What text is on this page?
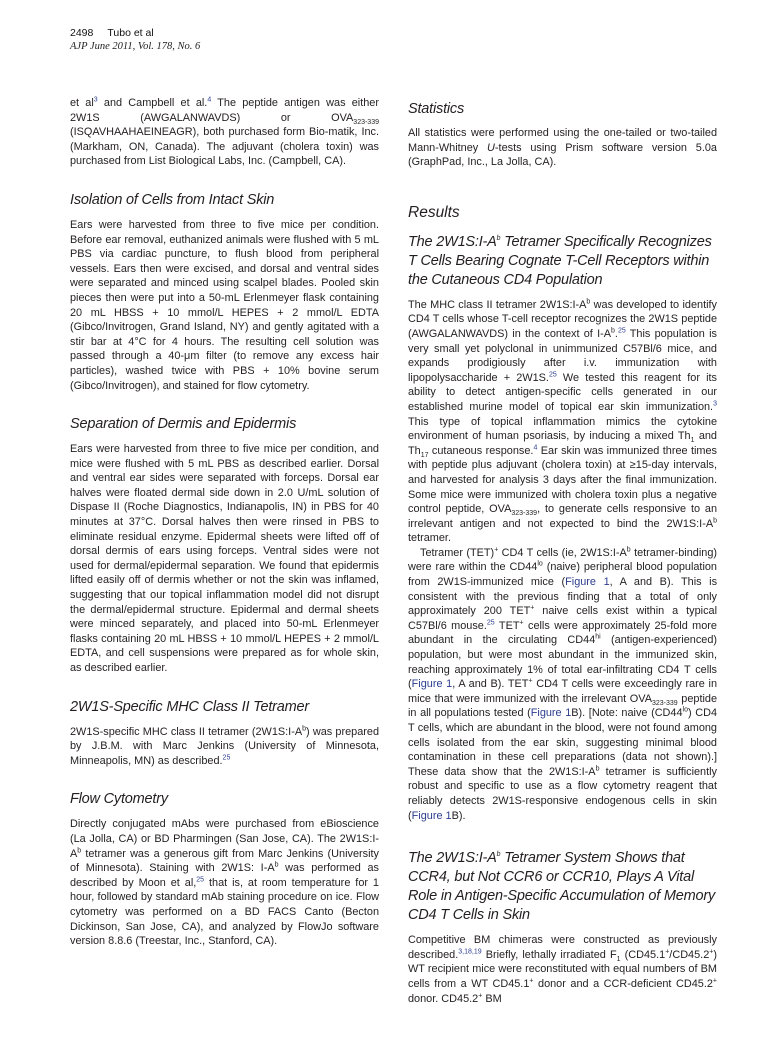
2498 Tubo et al
AJP June 2011, Vol. 178, No. 6

et al$^3$ and Campbell et al.$^4$ The peptide antigen was either 2W1S (AWGALANWAVDS) or $OVA_{323-339}$ (ISQAVHAAHAEINEAGR), both purchased form Bio-matik, Inc. (Markham, ON, Canada). The adjuvant (cholera toxin) was purchased from List Biological Labs, Inc. (Campbell, CA).

Isolation of Cells from Intact Skin

Ears were harvested from three to five mice per condition. Before ear removal, euthanized animals were flushed with 5 mL PBS via cardiac puncture, to flush blood from peripheral vessels. Ears then were excised, and dorsal and ventral sides were separated and minced using scalpel blades. Pooled skin pieces then were put into a 50-mL Erlenmeyer flask containing 20 mL HBSS + 10 mmol/L HEPES + 2 mmol/L EDTA (Gibco/Invitrogen, Grand Island, NY) and gently agitated with a stir bar at 4°C for 4 hours. The resulting cell solution was passed through a 40-μm filter (to remove any excess hair particles), washed twice with PBS + 10% bovine serum (Gibco/Invitrogen), and stained for flow cytometry.

Separation of Dermis and Epidermis

Ears were harvested from three to five mice per condition, and mice were flushed with 5 mL PBS as described earlier. Dorsal and ventral ear sides were separated with forceps. Dorsal ear halves were floated dermal side down in 2.0 U/mL solution of Dispase II (Roche Diagnostics, Indianapolis, IN) in PBS for 40 minutes at 37°C. Dorsal halves then were rinsed in PBS to eliminate residual enzyme. Epidermal sheets were lifted off of dorsal dermis of ears using forceps. Ventral sides were not used for dermal/epidermal separation. We found that epidermis lifted easily off of dermis whether or not the skin was inflamed, suggesting that our topical inflammation model did not disrupt the dermal/epidermal structure. Epidermal and dermal sheets were minced separately, and placed into 50-mL Erlenmeyer flasks containing 20 mL HBSS + 10 mmol/L HEPES + 2 mmol/L EDTA, and cell suspensions were prepared as for whole skin, as described earlier.

2W1S-Specific MHC Class II Tetramer

2W1S-specific MHC class II tetramer $(2W1S:I-A^b)$ was prepared by J.B.M. with Marc Jenkins (University of Minnesota, Minneapolis, MN) as described.$^{25}$

Flow Cytometry

Directly conjugated mAbs were purchased from eBioscience (La Jolla, CA) or BD Pharmingen (San Jose, CA). The $2W1S:I-A^b$ tetramer was a generous gift from Marc Jenkins (University of Minnesota). Staining with 2W1S: $I-A^b$ was performed as described by Moon et al,$^{25}$ that is, at room temperature for 1 hour, followed by standard mAb staining procedure on ice. Flow cytometry was performed on a BD FACS Canto (Becton Dickinson, San Jose, CA), and analyzed by FlowJo software version 8.8.6 (Treestar, Inc., Stanford, CA).

Statistics

All statistics were performed using the one-tailed or two-tailed Mann-Whitney U-tests using Prism software version 5.0a (GraphPad, Inc., La Jolla, CA).

Results
The $2W1S:I-A^b$ Tetramer Specifically Recognizes T Cells Bearing Cognate T-Cell Receptors within the Cutaneous CD4 Population

The MHC class II tetramer $2W1S:I-A^b$ was developed to identify CD4 T cells whose T-cell receptor recognizes the 2W1S peptide (AWGALANWAVDS) in the context of $I-A^b.^{25}$ This population is very small yet polyclonal in unimmunized C57Bl/6 mice, and expands prodigiously after i.v. immunization with lipopolysaccharide + 2W1S.$^{25}$ We tested this reagent for its ability to detect antigen-specific cells generated in our established murine model of topical ear skin immunization.$^3$ This type of topical inflammation mimics the cytokine environment of human psoriasis, by inducing a mixed $Th_1$ and $Th_{17}$ cutaneous response.$^4$ Ear skin was immunized three times with peptide plus adjuvant (cholera toxin) at ≥15-day intervals, and harvested for analysis 3 days after the final immunization. Some mice were immunized with cholera toxin plus a negative control peptide, $OVA_{323-339}$, to generate cells responsive to an irrelevant antigen and not expected to bind the $2W1S:I-A^b$ tetramer.

Tetramer (TET)+ CD4 T cells (ie, $2W1S:I-A^b$ tetramer-binding) were rare within the $CD44^{lo}$ (naive) peripheral blood population from 2W1S-immunized mice (Figure 1, A and B). This is consistent with the previous finding that a total of only approximately 200 TET+ naive cells exist within a typical C57Bl/6 mouse.$^{25}$ TET+ cells were approximately 25-fold more abundant in the circulating $CD44^{hi}$ (antigen-experienced) population, but were most abundant in the immunized skin, reaching approximately 1% of total ear-infiltrating CD4 T cells (Figure 1, A and B). TET+ CD4 T cells were exceedingly rare in mice that were immunized with the irrelevant $OVA_{323-339}$ peptide in all populations tested (Figure 1B). [Note: naive $(CD44^{lo})$ CD4 T cells, which are abundant in the blood, were not found among cells isolated from the ear skin, suggesting minimal blood contamination in these cell preparations (data not shown).] These data show that the $2W1S:I-A^b$ tetramer is sufficiently robust and specific to use as a flow cytometry reagent that reliably detects 2W1S-responsive endogenous cells in skin (Figure 1B).

The $2W1S:I-A^b$ Tetramer System Shows that CCR4, but Not CCR6 or CCR10, Plays A Vital Role in Antigen-Specific Accumulation of Memory CD4 T Cells in Skin

Competitive BM chimeras were constructed as previously described.$^{3,18,19}$ Briefly, lethally irradiated $F_1$ (CD45.1+/CD45.2+) WT recipient mice were reconstituted with equal numbers of BM cells from a WT CD45.1+ donor and a CCR-deficient CD45.2+ donor. CD45.2+ BM
